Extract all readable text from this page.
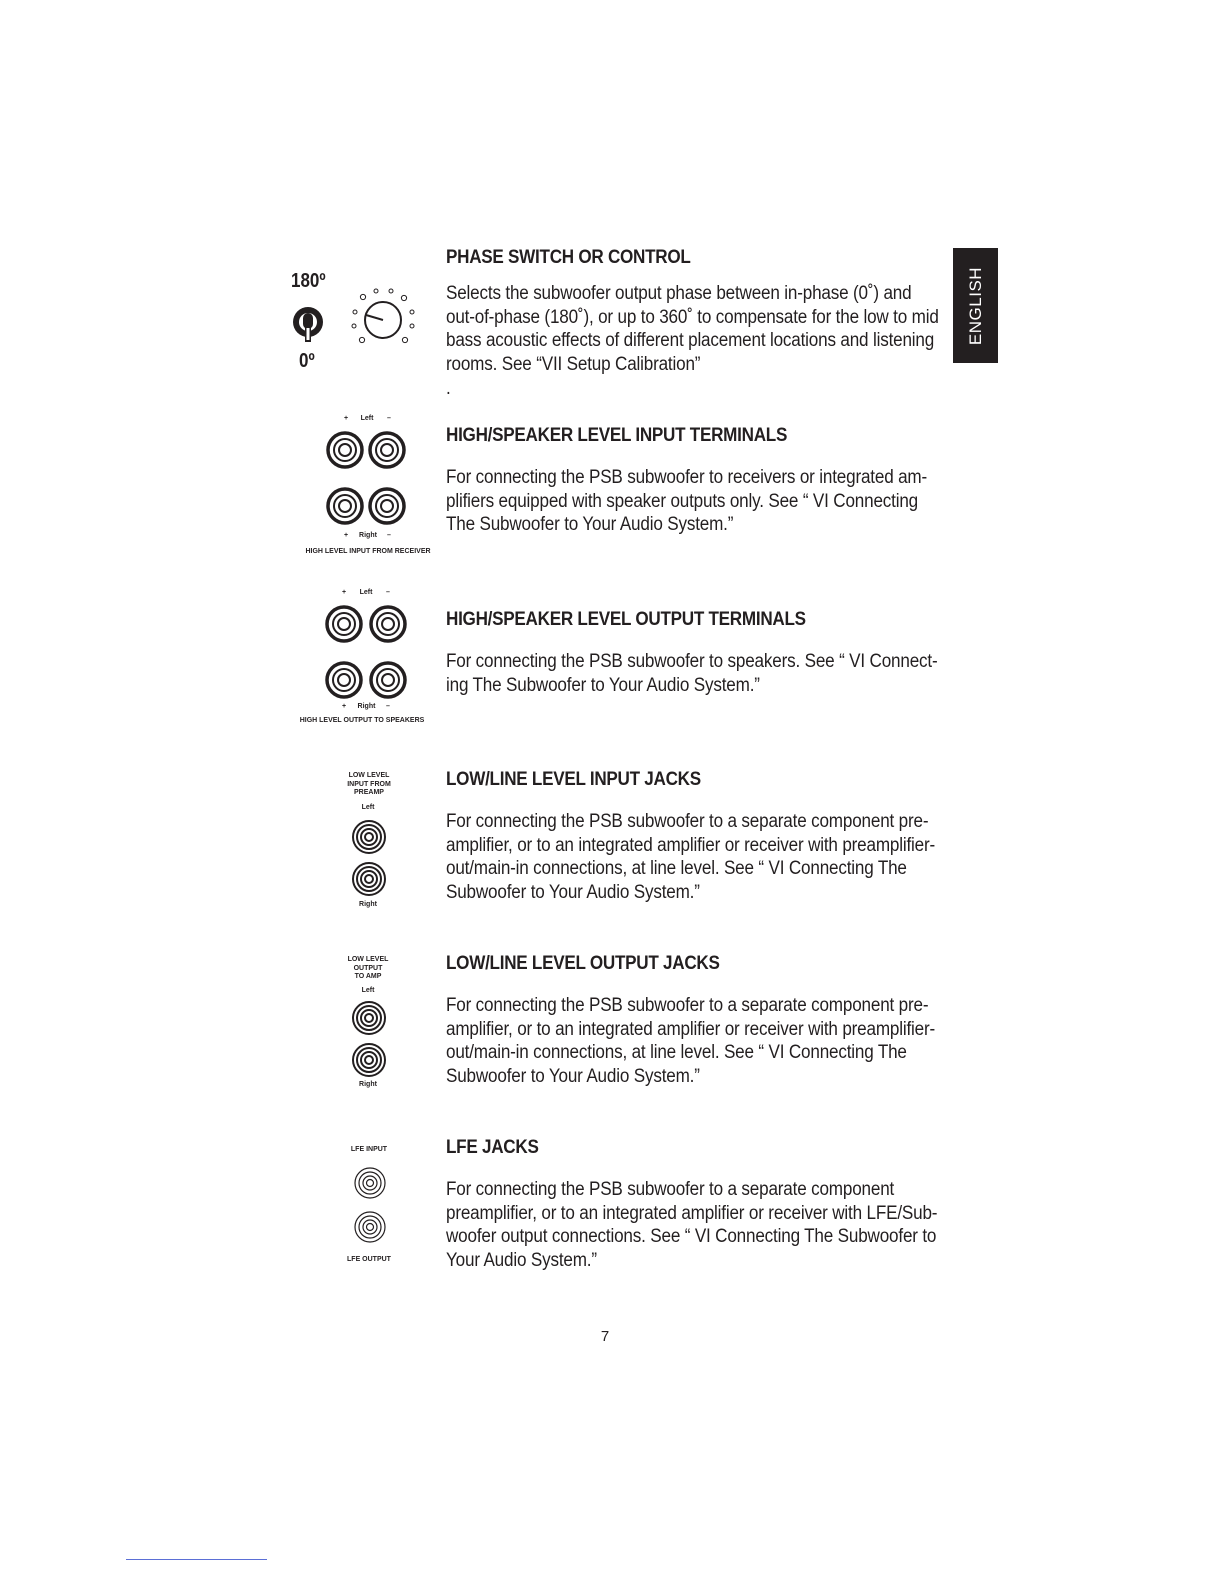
ENGLISH
PHASE SWITCH OR CONTROL
Selects the subwoofer output phase between in-phase (0˚) and
out-of-phase (180˚), or up to 360˚ to compensate for the low to mid
bass acoustic effects of different placement locations and listening
rooms. See “VII Setup Calibration”
.
180º
0º
HIGH/SPEAKER LEVEL INPUT TERMINALS
For connecting the PSB subwoofer to receivers or integrated am-
plifiers equipped with speaker outputs only. See “ VI Connecting
The Subwoofer to Your Audio System.”
+	Left	–
+	Right	–
HIGH LEVEL INPUT FROM RECEIVER
HIGH/SPEAKER LEVEL OUTPUT TERMINALS
For connecting the PSB subwoofer to speakers. See “ VI Connect-
ing The Subwoofer to Your Audio System.”
+	Left	–
+	Right	–
HIGH LEVEL OUTPUT TO SPEAKERS
LOW/LINE LEVEL INPUT JACKS
For connecting the PSB subwoofer to a separate component pre-
amplifier, or to an integrated amplifier or receiver with preamplifier-
out/main-in connections, at line level. See “ VI Connecting The
Subwoofer to Your Audio System.”
LOW LEVEL
INPUT FROM
PREAMP
Left
Right
LOW/LINE LEVEL OUTPUT JACKS
For connecting the PSB subwoofer to a separate component pre-
amplifier, or to an integrated amplifier or receiver with preamplifier-
out/main-in connections, at line level. See “ VI Connecting The
Subwoofer to Your Audio System.”
LOW LEVEL
OUTPUT
TO AMP
Left
Right
LFE JACKS
For connecting the PSB subwoofer to a separate component
preamplifier, or to an integrated amplifier or receiver with LFE/Sub-
woofer output connections. See “ VI Connecting The Subwoofer to
Your Audio System.”
LFE INPUT
LFE OUTPUT
7
